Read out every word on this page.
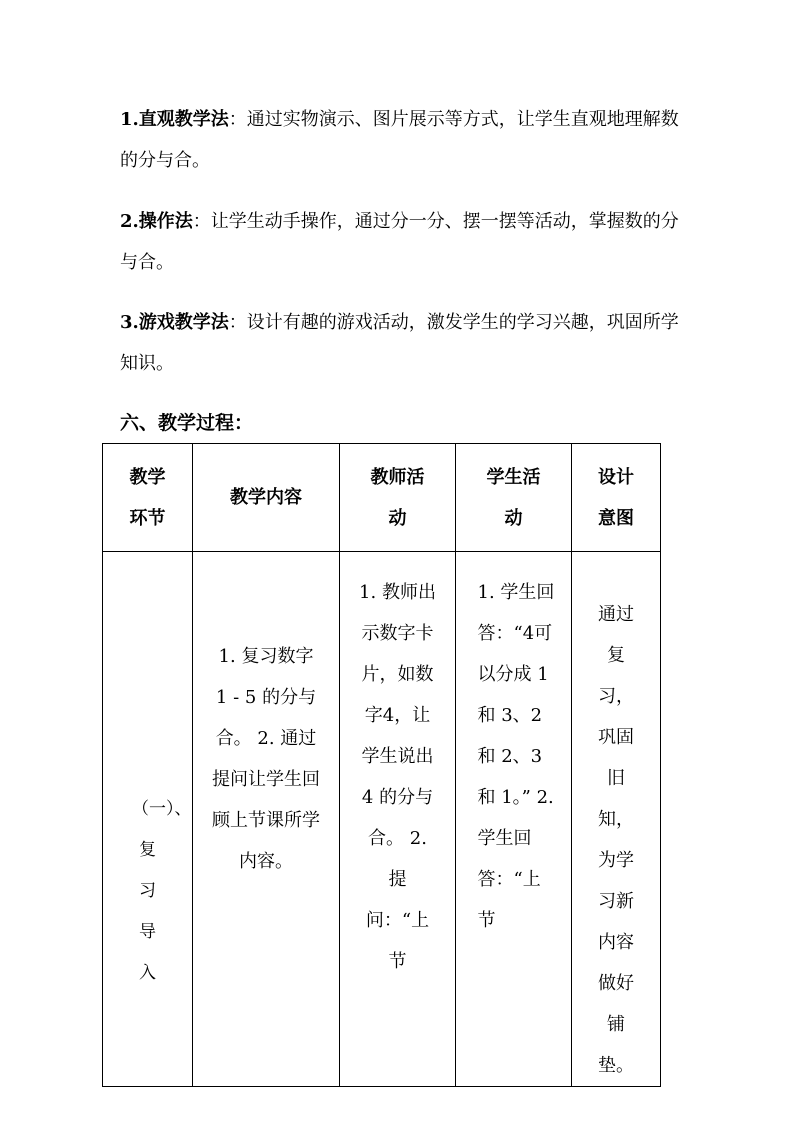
1.直观教学法：通过实物演示、图片展示等方式，让学生直观地理解数的分与合。

2.操作法：让学生动手操作，通过分一分、摆一摆等活动，掌握数的分与合。

3.游戏教学法：设计有趣的游戏活动，激发学生的学习兴趣，巩固所学知识。

六、教学过程：

教学环节	教学内容	教师活动	学生活动	设计意图

（一）、复习导入	1. 复习数字 1 - 5 的分与合。 2. 通过提问让学生回顾上节课所学内容。	1. 教师出示数字卡片，如数字4，让学生说出 4 的分与合。 2. 提问：“上节	1. 学生回答：“4可以分成 1 和 3、2 和 2、3 和 1。” 2. 学生回答：“上节	通过复习，巩固旧知，为学习新内容做好铺垫。
